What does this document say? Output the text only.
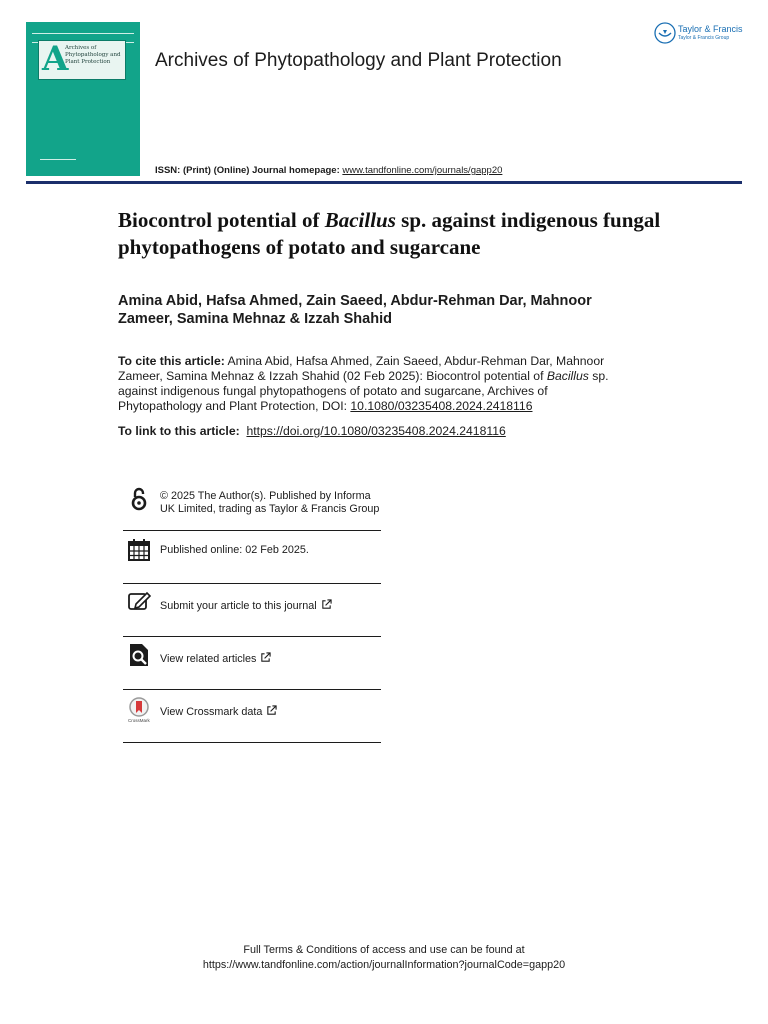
A
Archives of Phytopathology and Plant Protection	Archives of Phytopathology and Plant Protection
Taylor & Francis
Taylor & Francis Group
ISSN: (Print) (Online) Journal homepage: www.tandfonline.com/journals/gapp20
Biocontrol potential of Bacillus sp. against indigenous fungal phytopathogens of potato and sugarcane
Amina Abid, Hafsa Ahmed, Zain Saeed, Abdur-Rehman Dar, Mahnoor Zameer, Samina Mehnaz & Izzah Shahid
To cite this article: Amina Abid, Hafsa Ahmed, Zain Saeed, Abdur-Rehman Dar, Mahnoor Zameer, Samina Mehnaz & Izzah Shahid (02 Feb 2025): Biocontrol potential of Bacillus sp. against indigenous fungal phytopathogens of potato and sugarcane, Archives of Phytopathology and Plant Protection, DOI: 10.1080/03235408.2024.2418116
To link to this article: https://doi.org/10.1080/03235408.2024.2418116
© 2025 The Author(s). Published by Informa UK Limited, trading as Taylor & Francis Group
Published online: 02 Feb 2025.
Submit your article to this journal
View related articles
CrossMark
View Crossmark data
Full Terms & Conditions of access and use can be found at
https://www.tandfonline.com/action/journalInformation?journalCode=gapp20
